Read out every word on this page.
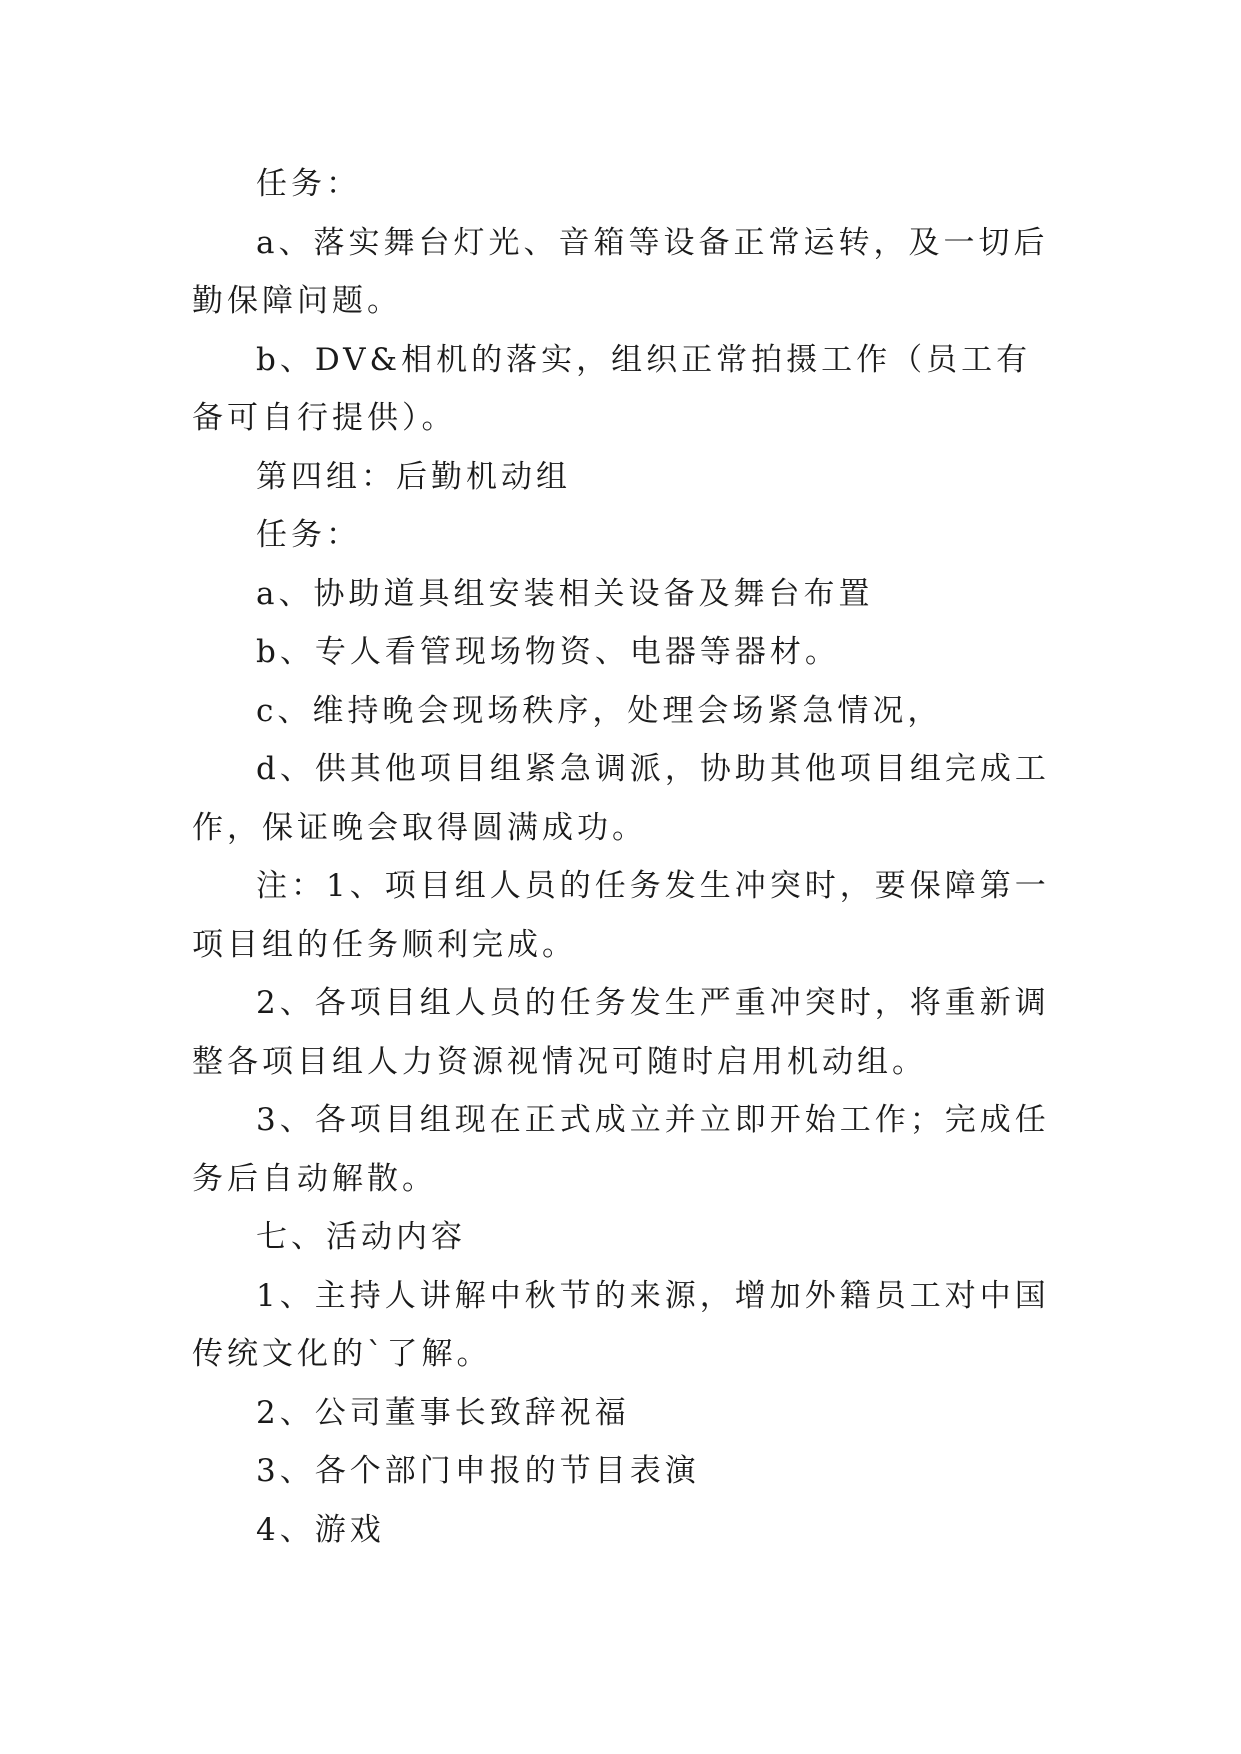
任务：

a、落实舞台灯光、音箱等设备正常运转，及一切后勤保障问题。

b、DV&相机的落实，组织正常拍摄工作（员工有备可自行提供）。

第四组：后勤机动组

任务：

a、协助道具组安装相关设备及舞台布置

b、专人看管现场物资、电器等器材。

c、维持晚会现场秩序，处理会场紧急情况，

d、供其他项目组紧急调派，协助其他项目组完成工作，保证晚会取得圆满成功。

注：1、项目组人员的任务发生冲突时，要保障第一项目组的任务顺利完成。

2、各项目组人员的任务发生严重冲突时，将重新调整各项目组人力资源视情况可随时启用机动组。

3、各项目组现在正式成立并立即开始工作；完成任务后自动解散。

七、活动内容

1、主持人讲解中秋节的来源，增加外籍员工对中国传统文化的`了解。

2、公司董事长致辞祝福

3、各个部门申报的节目表演

4、游戏
